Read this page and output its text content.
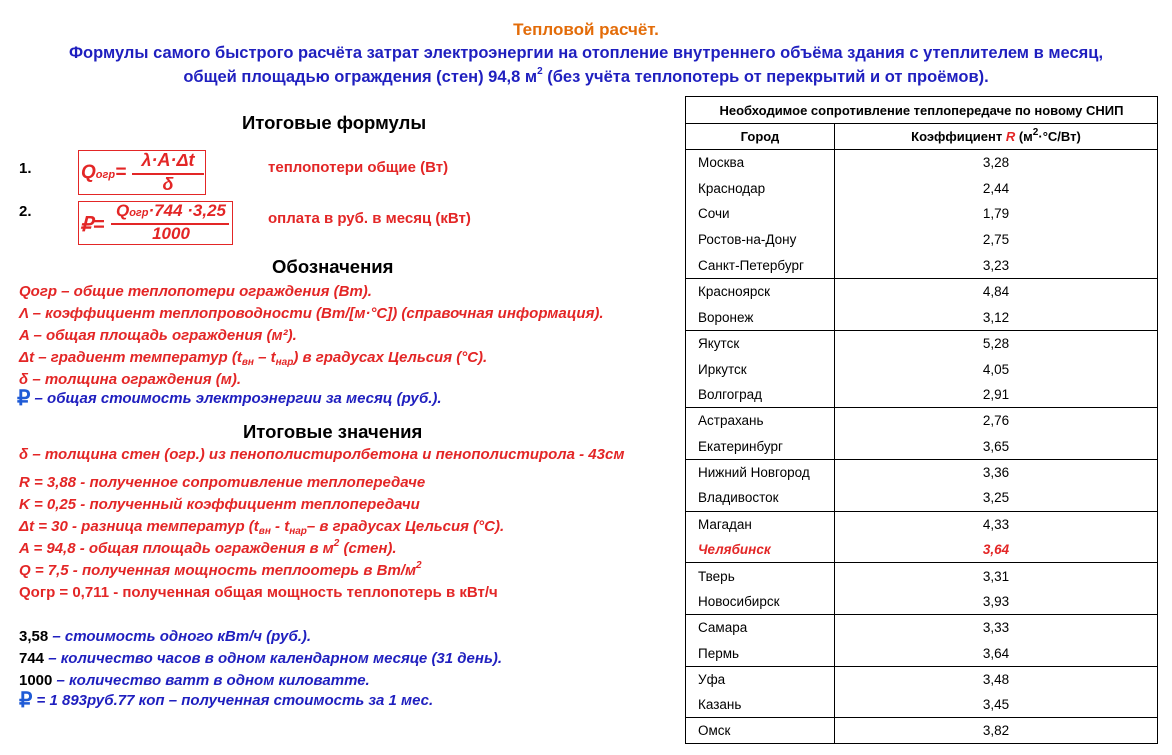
Тепловой расчёт.
Формулы самого быстрого расчёта затрат электроэнергии на отопление внутреннего объёма здания с утеплителем в месяц,
общей площадью ограждения (стен) 94,8 $м^2$ (без учёта теплопотерь от перекрытий и от проёмов).
Итоговые формулы
1.	Qогр=
λ·A·Δt
δ
теплопотери общие (Вт)
2.
₽=
Qогр·744 ·3,25
1000
оплата в руб. в месяц (кВт)
Обозначения
Qогр – общие теплопотери ограждения (Вт).
Λ – коэффициент теплопроводности (Вт/[м·°C]) (справочная информация).
A – общая площадь ограждения (м²).
Δt – градиент температур $(t_{вн} - t_{нар})$ в градусах Цельсия (°С).
δ – толщина ограждения (м).
₽ – общая стоимость электроэнергии за месяц (руб.).
Итоговые значения
δ – толщина стен (огр.) из пенополистиролбетона и пенополистирола - 43см
R = 3,88 - полученное сопротивление теплопередаче
K = 0,25 - полученный коэффициент теплопередачи
Δt = 30 - разница температур ($t_{вн} - t_{нар}-$ в градусах Цельсия (°С).
A = 94,8 - общая площадь ограждения в $м^2$ (стен).
Q = 7,5 - полученная мощность теплоотерь в $Вт/м^2$
Qогр = 0,711 - полученная общая мощность теплопотерь в кВт/ч
3,58 – стоимость одного кВт/ч (руб.).
744 – количество часов в одном календарном месяце (31 день).
1000 – количество ватт в одном киловатте.
₽ = 1 893руб.77 коп – полученная стоимость за 1 мес.
Необходимое сопротивление теплопередаче по новому СНИП	
Город	Коэффициент R $(м^2\cdot^\circ C/Вт)$
Москва	3,28
Краснодар	2,44
Сочи	1,79
Ростов-на-Дону	2,75
Санкт-Петербург	3,23
Красноярск	4,84
Воронеж	3,12
Якутск	5,28
Иркутск	4,05
Волгоград	2,91
Астрахань	2,76
Екатеринбург	3,65
Нижний Новгород	3,36
Владивосток	3,25
Магадан	4,33
Челябинск	3,64
Тверь	3,31
Новосибирск	3,93
Самара	3,33
Пермь	3,64
Уфа	3,48
Казань	3,45
Омск	3,82
